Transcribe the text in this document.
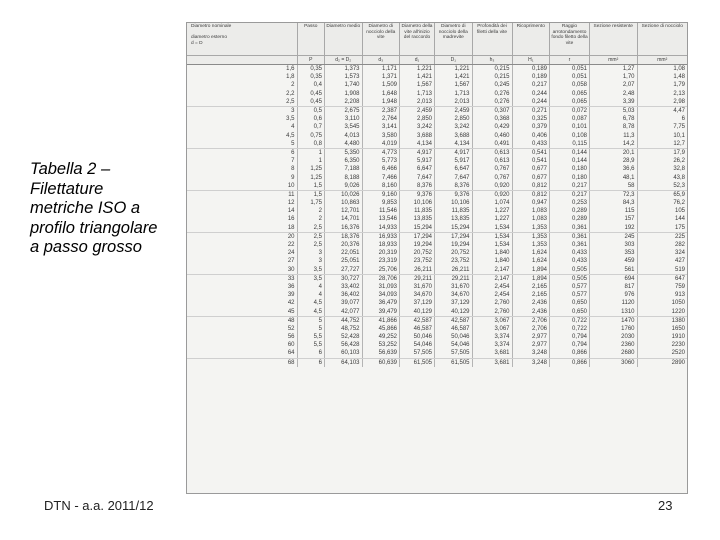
Tabella 2 –
Filettature
metriche ISO a
profilo triangolare
a passo grosso
Diametro nominale

diametro esterno
d = D	Passo	Diametro medio	Diametro di nocciolo della vite	Diametro della vite all'inizio del raccordo	Diametro di nocciolo della madrevite	Profondità dei filetti della vite	Ricoprimento	Raggio arrotondamento fondo filetto della vite	Sezione resistente	Sezione di nocciolo
	P	d₂ = D₂	d₃	d₁	D₁	h₃	H₁	r	mm²	mm²
1,6	0,35	1,373	1,171	1,221	1,221	0,215	0,189	0,051	1,27	1,08
1,8	0,35	1,573	1,371	1,421	1,421	0,215	0,189	0,051	1,70	1,48
2	0,4	1,740	1,509	1,567	1,567	0,245	0,217	0,058	2,07	1,79
2,2	0,45	1,908	1,648	1,713	1,713	0,276	0,244	0,065	2,48	2,13
2,5	0,45	2,208	1,948	2,013	2,013	0,276	0,244	0,065	3,39	2,98
3	0,5	2,675	2,387	2,459	2,459	0,307	0,271	0,072	5,03	4,47
3,5	0,6	3,110	2,764	2,850	2,850	0,368	0,325	0,087	6,78	6
4	0,7	3,545	3,141	3,242	3,242	0,429	0,379	0,101	8,78	7,75
4,5	0,75	4,013	3,580	3,688	3,688	0,460	0,406	0,108	11,3	10,1
5	0,8	4,480	4,019	4,134	4,134	0,491	0,433	0,115	14,2	12,7
6	1	5,350	4,773	4,917	4,917	0,613	0,541	0,144	20,1	17,9
7	1	6,350	5,773	5,917	5,917	0,613	0,541	0,144	28,9	26,2
8	1,25	7,188	6,466	6,647	6,647	0,767	0,677	0,180	36,6	32,8
9	1,25	8,188	7,466	7,647	7,647	0,767	0,677	0,180	48,1	43,8
10	1,5	9,026	8,160	8,376	8,376	0,920	0,812	0,217	58	52,3
11	1,5	10,026	9,160	9,376	9,376	0,920	0,812	0,217	72,3	65,9
12	1,75	10,863	9,853	10,106	10,106	1,074	0,947	0,253	84,3	76,2
14	2	12,701	11,546	11,835	11,835	1,227	1,083	0,289	115	105
16	2	14,701	13,546	13,835	13,835	1,227	1,083	0,289	157	144
18	2,5	16,376	14,933	15,294	15,294	1,534	1,353	0,361	192	175
20	2,5	18,376	16,933	17,294	17,294	1,534	1,353	0,361	245	225
22	2,5	20,376	18,933	19,294	19,294	1,534	1,353	0,361	303	282
24	3	22,051	20,319	20,752	20,752	1,840	1,624	0,433	353	324
27	3	25,051	23,319	23,752	23,752	1,840	1,624	0,433	459	427
30	3,5	27,727	25,706	26,211	26,211	2,147	1,894	0,505	561	519
33	3,5	30,727	28,706	29,211	29,211	2,147	1,894	0,505	694	647
36	4	33,402	31,093	31,670	31,670	2,454	2,165	0,577	817	759
39	4	36,402	34,093	34,670	34,670	2,454	2,165	0,577	976	913
42	4,5	39,077	36,479	37,129	37,129	2,760	2,436	0,650	1120	1050
45	4,5	42,077	39,479	40,129	40,129	2,760	2,436	0,650	1310	1220
48	5	44,752	41,866	42,587	42,587	3,067	2,706	0,722	1470	1380
52	5	48,752	45,866	46,587	46,587	3,067	2,706	0,722	1760	1650
56	5,5	52,428	49,252	50,046	50,046	3,374	2,977	0,794	2030	1910
60	5,5	56,428	53,252	54,046	54,046	3,374	2,977	0,794	2360	2230
64	6	60,103	56,639	57,505	57,505	3,681	3,248	0,866	2680	2520
68	6	64,103	60,639	61,505	61,505	3,681	3,248	0,866	3060	2890
DTN - a.a. 2011/12	23
